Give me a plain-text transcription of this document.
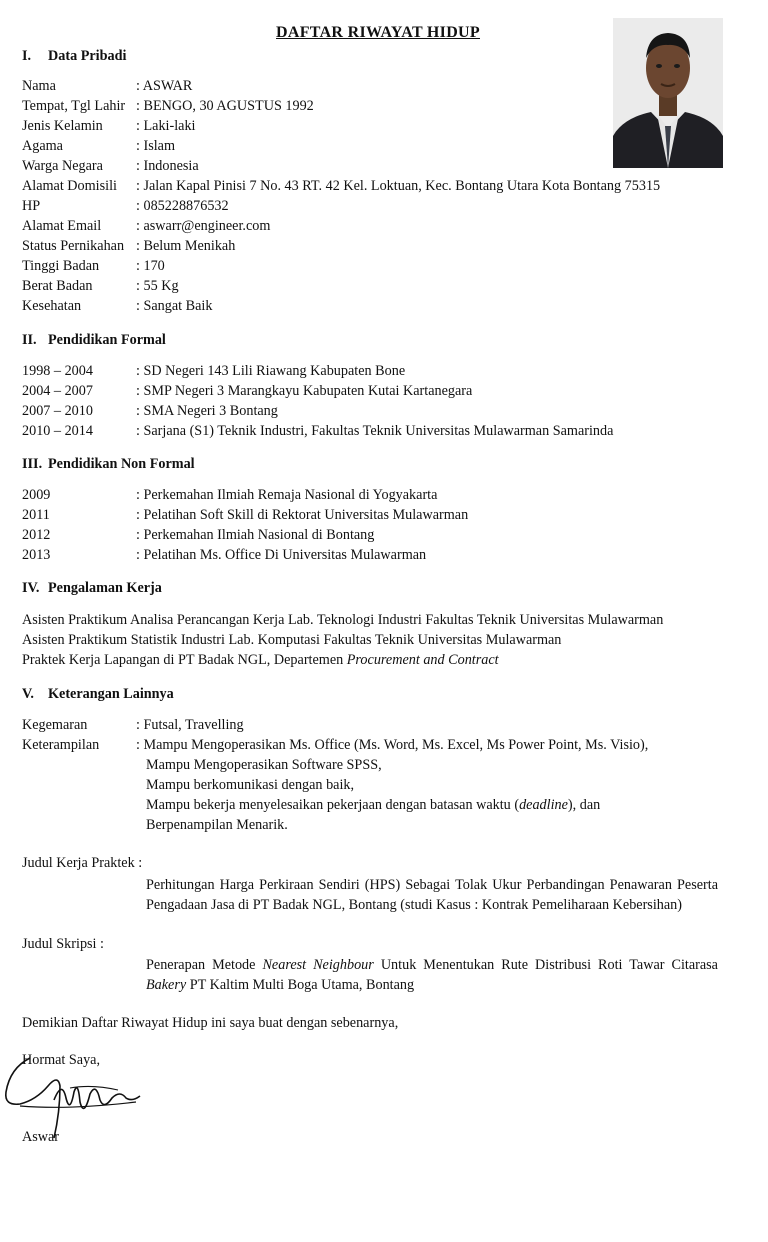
DAFTAR RIWAYAT HIDUP
I. Data Pribadi
Nama	: ASWAR
Tempat, Tgl Lahir : BENGO, 30 AGUSTUS 1992
Jenis Kelamin : Laki-laki
Agama	: Islam
Warga Negara : Indonesia
Alamat Domisili : Jalan Kapal Pinisi 7 No. 43 RT. 42 Kel. Loktuan, Kec. Bontang Utara Kota Bontang 75315
HP	: 085228876532
Alamat Email : aswarr@engineer.com
Status Pernikahan : Belum Menikah
Tinggi Badan	: 170
Berat Badan	: 55 Kg
Kesehatan	: Sangat Baik
II. Pendidikan Formal
1998 – 2004	: SD Negeri 143 Lili Riawang Kabupaten Bone
2004 – 2007	: SMP Negeri 3 Marangkayu Kabupaten Kutai Kartanegara
2007 – 2010	: SMA Negeri 3 Bontang
2010 – 2014	: Sarjana (S1) Teknik Industri, Fakultas Teknik Universitas Mulawarman Samarinda
III. Pendidikan Non Formal
2009	: Perkemahan Ilmiah Remaja Nasional di Yogyakarta
2011	: Pelatihan Soft Skill di Rektorat Universitas Mulawarman
2012	: Perkemahan Ilmiah Nasional di Bontang
2013	: Pelatihan Ms. Office Di Universitas Mulawarman
IV. Pengalaman Kerja
Asisten Praktikum Analisa Perancangan Kerja Lab. Teknologi Industri Fakultas Teknik Universitas Mulawarman
Asisten Praktikum Statistik Industri Lab. Komputasi Fakultas Teknik Universitas Mulawarman
Praktek Kerja Lapangan di PT Badak NGL, Departemen Procurement and Contract
V. Keterangan Lainnya
Kegemaran	: Futsal, Travelling
Keterampilan	: Mampu Mengoperasikan Ms. Office (Ms. Word, Ms. Excel, Ms Power Point, Ms. Visio),
Mampu Mengoperasikan Software SPSS,
Mampu berkomunikasi dengan baik,
Mampu bekerja menyelesaikan pekerjaan dengan batasan waktu (deadline), dan
Berpenampilan Menarik.
Judul Kerja Praktek :
Perhitungan Harga Perkiraan Sendiri (HPS) Sebagai Tolak Ukur Perbandingan Penawaran Peserta Pengadaan Jasa di PT Badak NGL, Bontang (studi Kasus : Kontrak Pemeliharaan Kebersihan)
Judul Skripsi :
Penerapan Metode Nearest Neighbour Untuk Menentukan Rute Distribusi Roti Tawar Citarasa Bakery PT Kaltim Multi Boga Utama, Bontang
Demikian Daftar Riwayat Hidup ini saya buat dengan sebenarnya,
Hormat Saya,
Aswar
